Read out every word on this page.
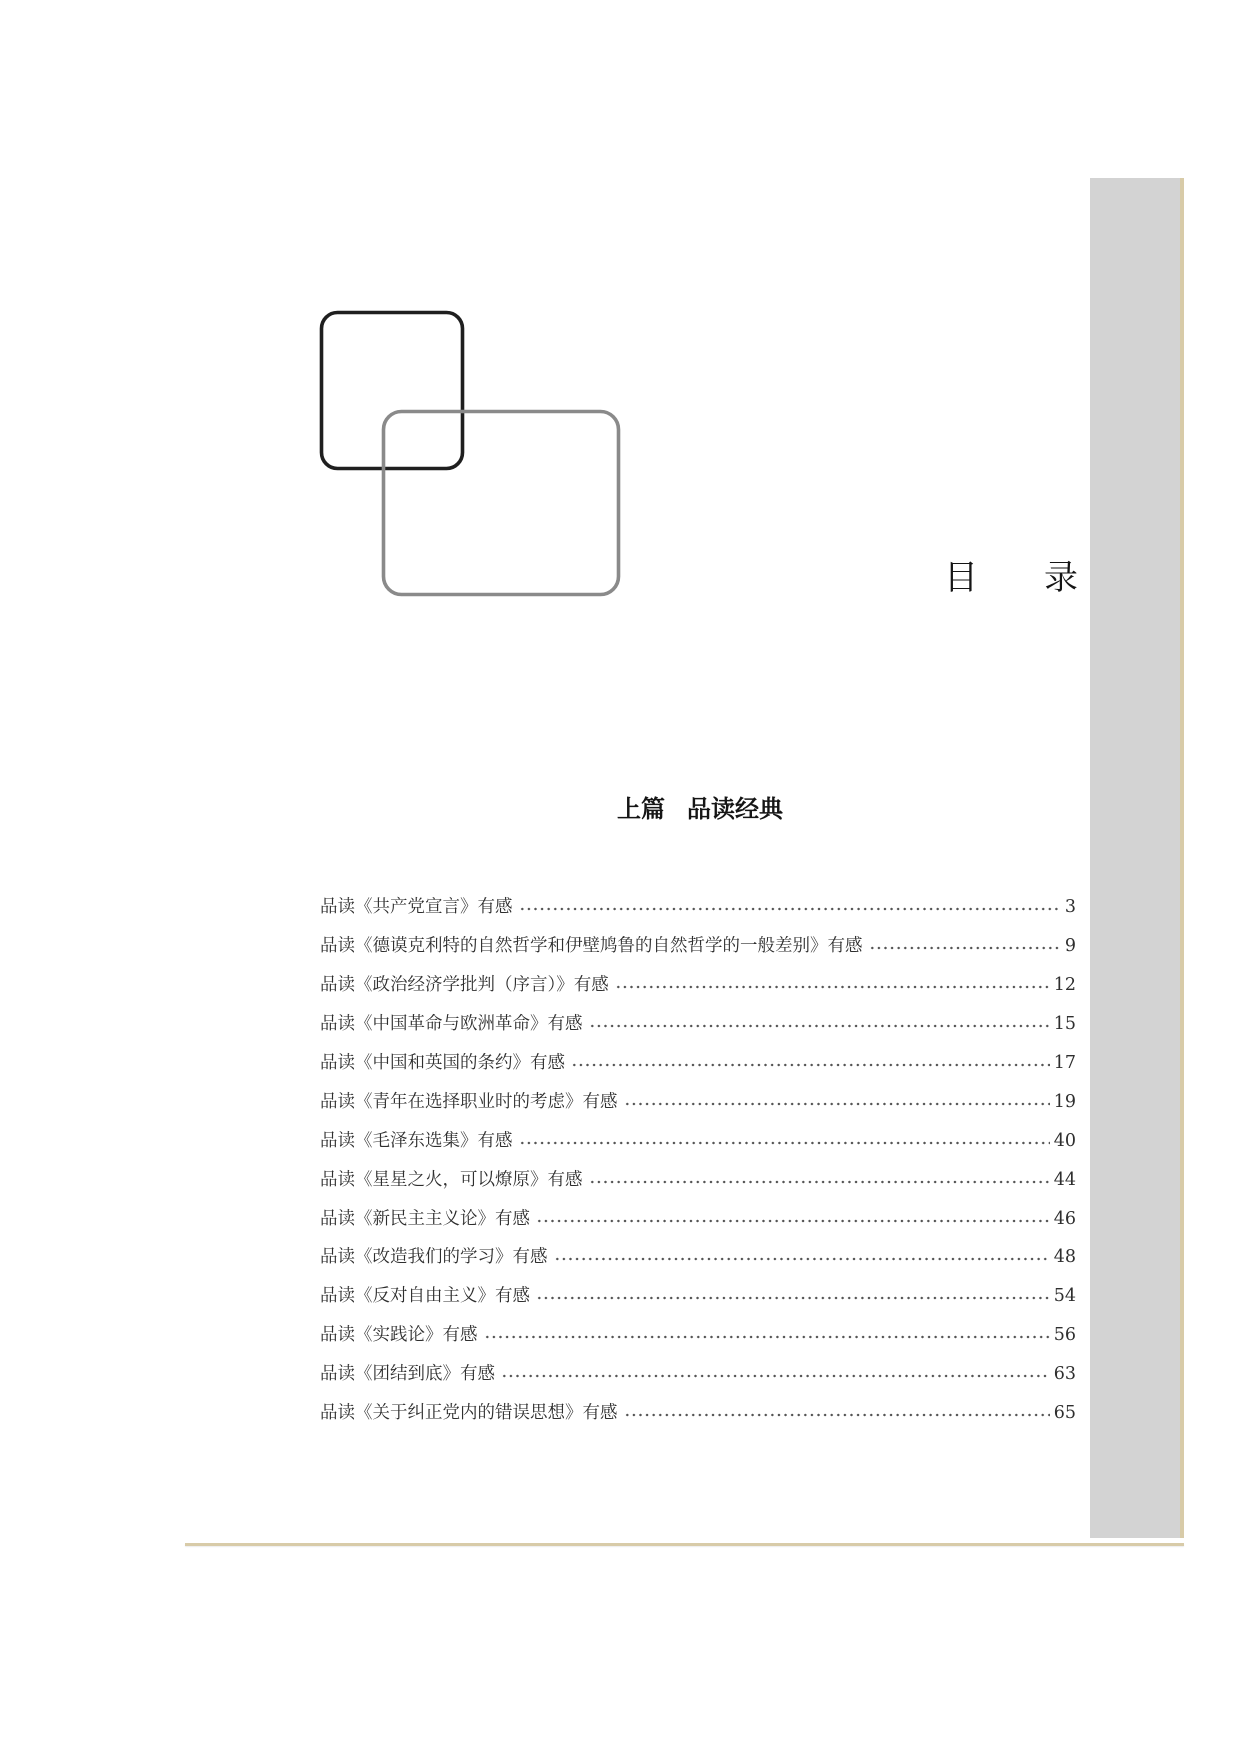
目 录
上篇 品读经典
品读《共产党宣言》有感	3
品读《德谟克利特的自然哲学和伊壁鸠鲁的自然哲学的一般差别》有感	9
品读《政治经济学批判（序言）》有感	12
品读《中国革命与欧洲革命》有感	15
品读《中国和英国的条约》有感	17
品读《青年在选择职业时的考虑》有感	19
品读《毛泽东选集》有感	40
品读《星星之火，可以燎原》有感	44
品读《新民主主义论》有感	46
品读《改造我们的学习》有感	48
品读《反对自由主义》有感	54
品读《实践论》有感	56
品读《团结到底》有感	63
品读《关于纠正党内的错误思想》有感	65
